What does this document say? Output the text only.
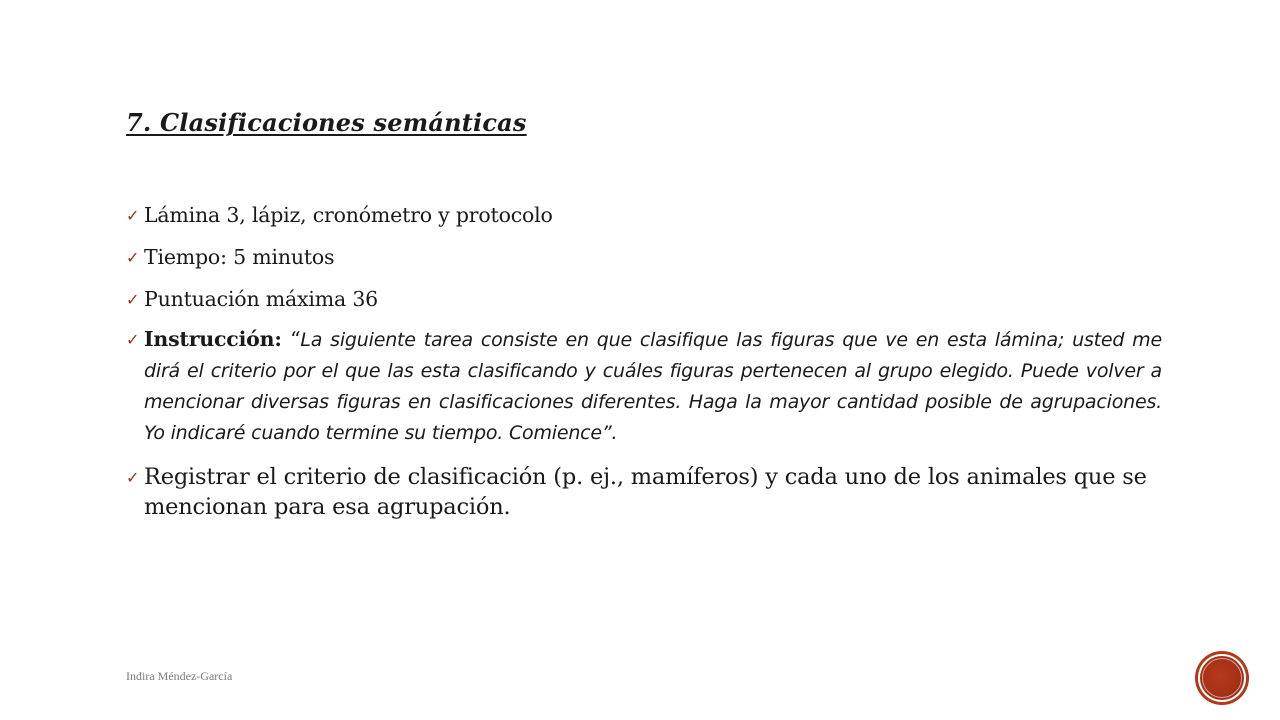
7. Clasificaciones semánticas
✓ Lámina 3, lápiz, cronómetro y protocolo
✓ Tiempo: 5 minutos
✓ Puntuación máxima 36
✓ Instrucción: “La siguiente tarea consiste en que clasifique las figuras que ve en esta lámina; usted me dirá el criterio por el que las esta clasificando y cuáles figuras pertenecen al grupo elegido. Puede volver a mencionar diversas figuras en clasificaciones diferentes. Haga la mayor cantidad posible de agrupaciones. Yo indicaré cuando termine su tiempo. Comience”.
✓ Registrar el criterio de clasificación (p. ej., mamíferos) y cada uno de los animales que se mencionan para esa agrupación.
Indira Méndez-García
